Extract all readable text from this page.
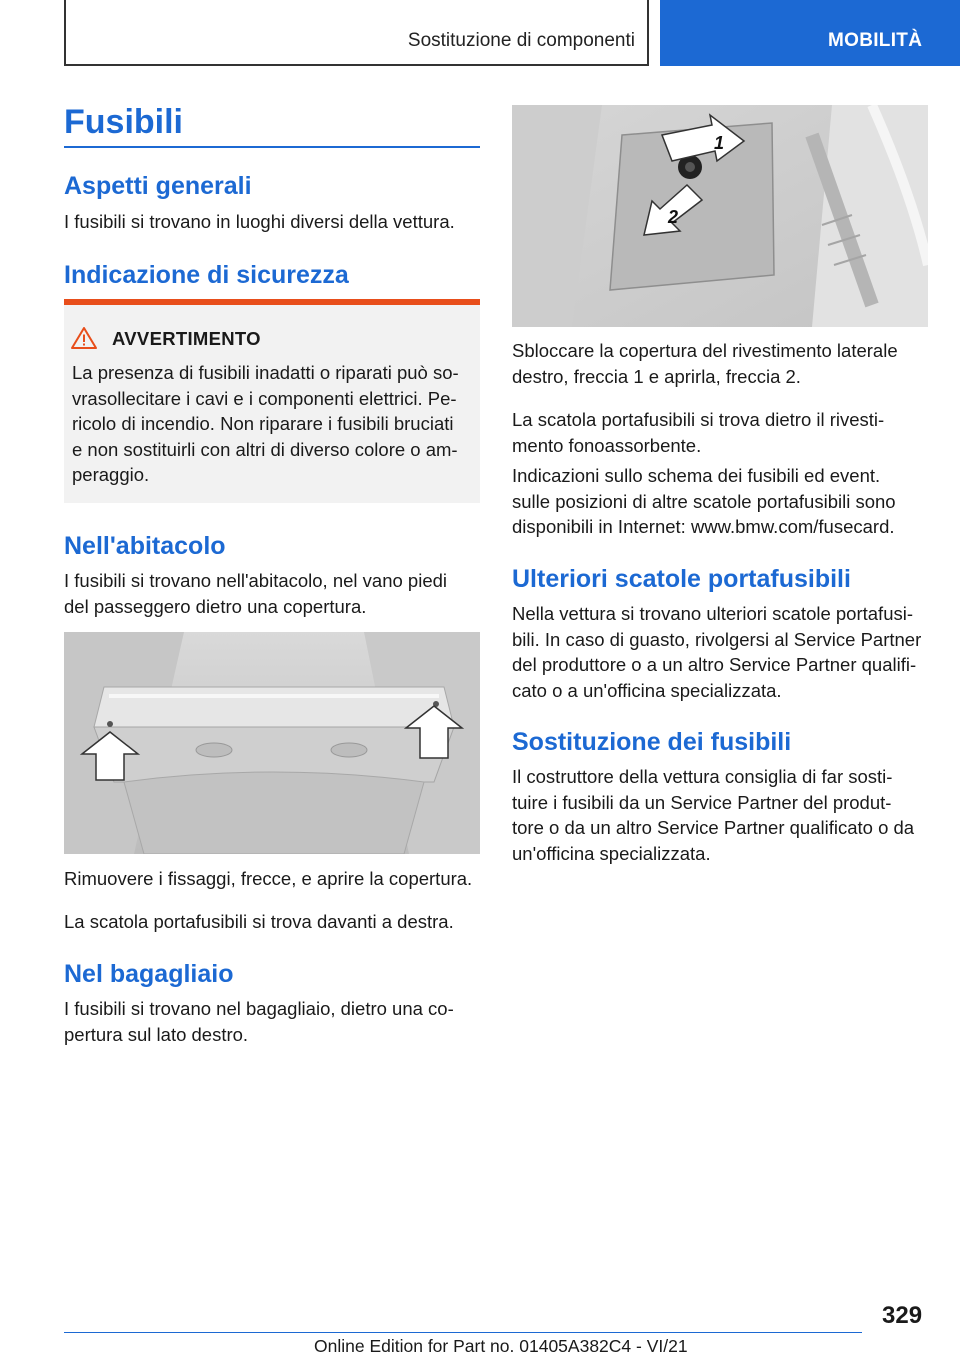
Sostituzione di componenti	MOBILITÀ
Fusibili
Aspetti generali
I fusibili si trovano in luoghi diversi della vettura.
Indicazione di sicurezza
AVVERTIMENTO
La presenza di fusibili inadatti o riparati può so-
vrasollecitare i cavi e i componenti elettrici. Pe-
ricolo di incendio. Non riparare i fusibili bruciati
e non sostituirli con altri di diverso colore o am-
peraggio.
Nell'abitacolo
I fusibili si trovano nell'abitacolo, nel vano piedi
del passeggero dietro una copertura.
Rimuovere i fissaggi, frecce, e aprire la copertura.
La scatola portafusibili si trova davanti a destra.
Nel bagagliaio
I fusibili si trovano nel bagagliaio, dietro una co-
pertura sul lato destro.
1
2
Sbloccare la copertura del rivestimento laterale
destro, freccia 1 e aprirla, freccia 2.
La scatola portafusibili si trova dietro il rivesti-
mento fonoassorbente.
Indicazioni sullo schema dei fusibili ed event.
sulle posizioni di altre scatole portafusibili sono
disponibili in Internet: www.bmw.com/fusecard.
Ulteriori scatole portafusibili
Nella vettura si trovano ulteriori scatole portafusi-
bili. In caso di guasto, rivolgersi al Service Partner
del produttore o a un altro Service Partner qualifi-
cato o a un'officina specializzata.
Sostituzione dei fusibili
Il costruttore della vettura consiglia di far sosti-
tuire i fusibili da un Service Partner del produt-
tore o da un altro Service Partner qualificato o da
un'officina specializzata.
329
Online Edition for Part no. 01405A382C4 - VI/21
